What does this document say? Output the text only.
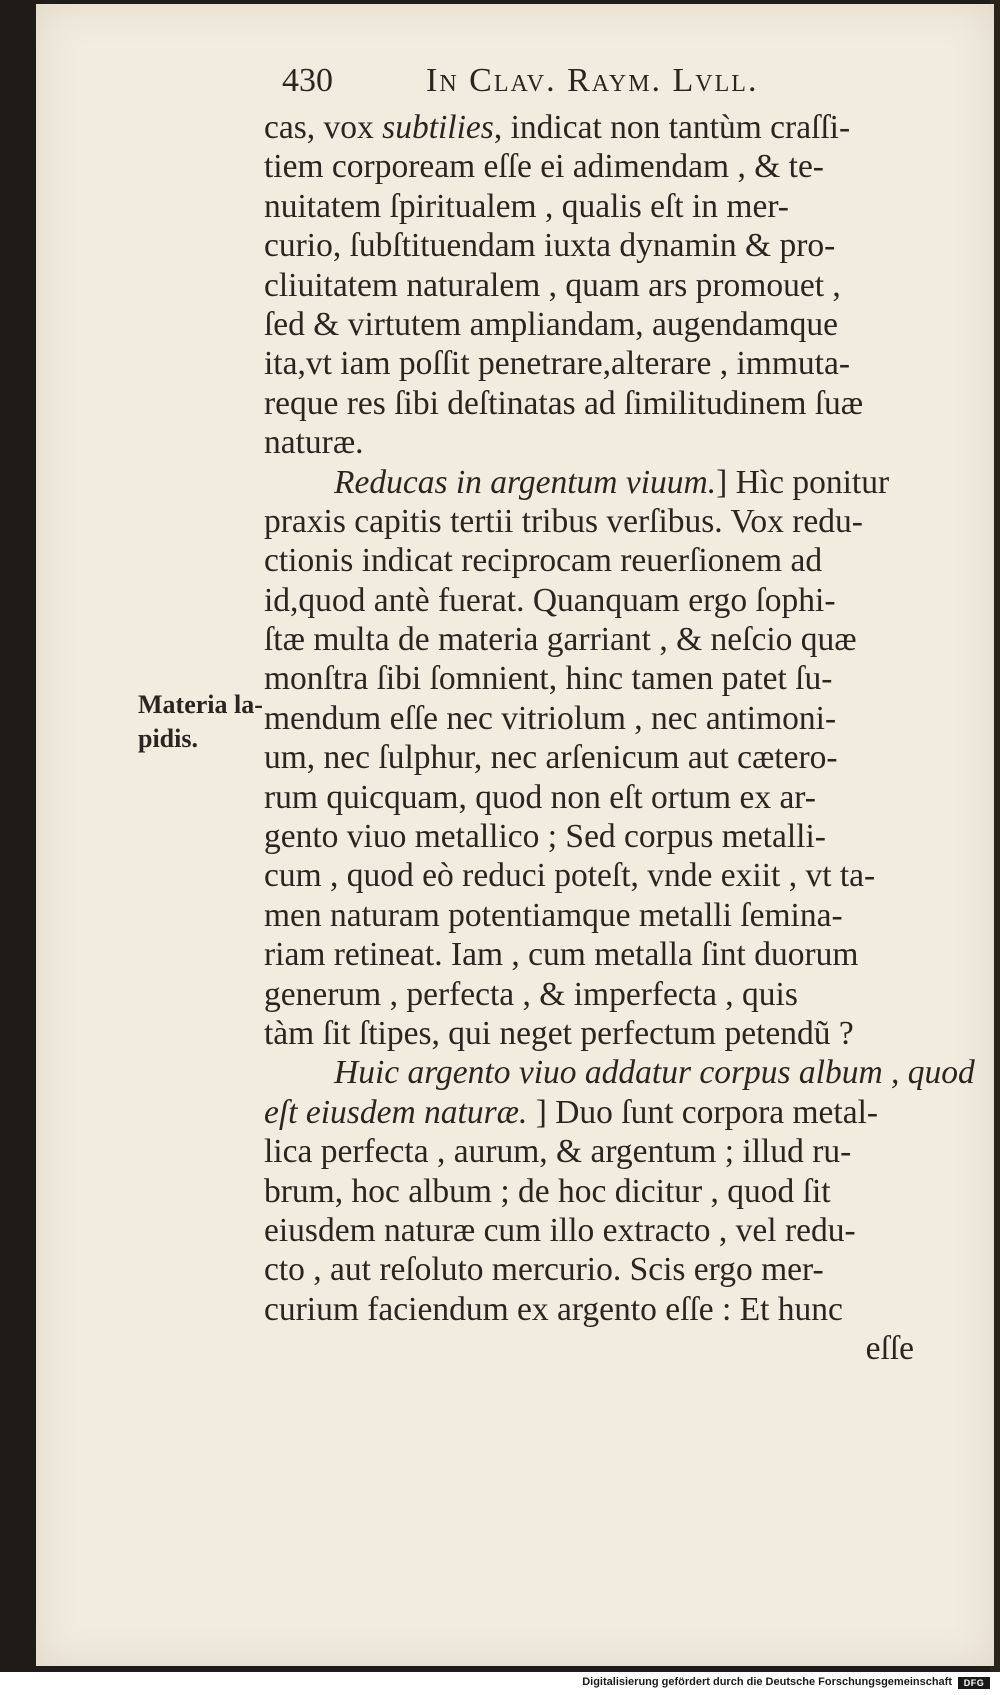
430	In Clav. Raym. Lvll.
Materia la-
pidis.
cas, vox subtilies, indicat non tantùm craſſi-
tiem corpoream eſſe ei adimendam , & te-
nuitatem ſpiritualem , qualis eſt in mer-
curio, ſubſtituendam iuxta dynamin & pro-
cliuitatem naturalem , quam ars promouet ,
ſed & virtutem ampliandam, augendamque
ita,vt iam poſſit penetrare,alterare , immuta-
reque res ſibi deſtinatas ad ſimilitudinem ſuæ
naturæ.
Reducas in argentum viuum.] Hìc ponitur
praxis capitis tertii tribus verſibus. Vox redu-
ctionis indicat reciprocam reuerſionem ad
id,quod antè fuerat. Quanquam ergo ſophi-
ſtæ multa de materia garriant , & neſcio quæ
monſtra ſibi ſomnient, hinc tamen patet ſu-
mendum eſſe nec vitriolum , nec antimoni-
um, nec ſulphur, nec arſenicum aut cætero-
rum quicquam, quod non eſt ortum ex ar-
gento viuo metallico ; Sed corpus metalli-
cum , quod eò reduci poteſt, vnde exiit , vt ta-
men naturam potentiamque metalli ſemina-
riam retineat. Iam , cum metalla ſint duorum
generum , perfecta , & imperfecta , quis
tàm ſit ſtipes, qui neget perfectum petendũ ?
Huic argento viuo addatur corpus album , quod
eſt eiusdem naturæ. ] Duo ſunt corpora metal-
lica perfecta , aurum, & argentum ; illud ru-
brum, hoc album ; de hoc dicitur , quod ſit
eiusdem naturæ cum illo extracto , vel redu-
cto , aut reſoluto mercurio. Scis ergo mer-
curium faciendum ex argento eſſe : Et hunc
eſſe
Digitalisierung gefördert durch die Deutsche Forschungsgemeinschaft	DFG
